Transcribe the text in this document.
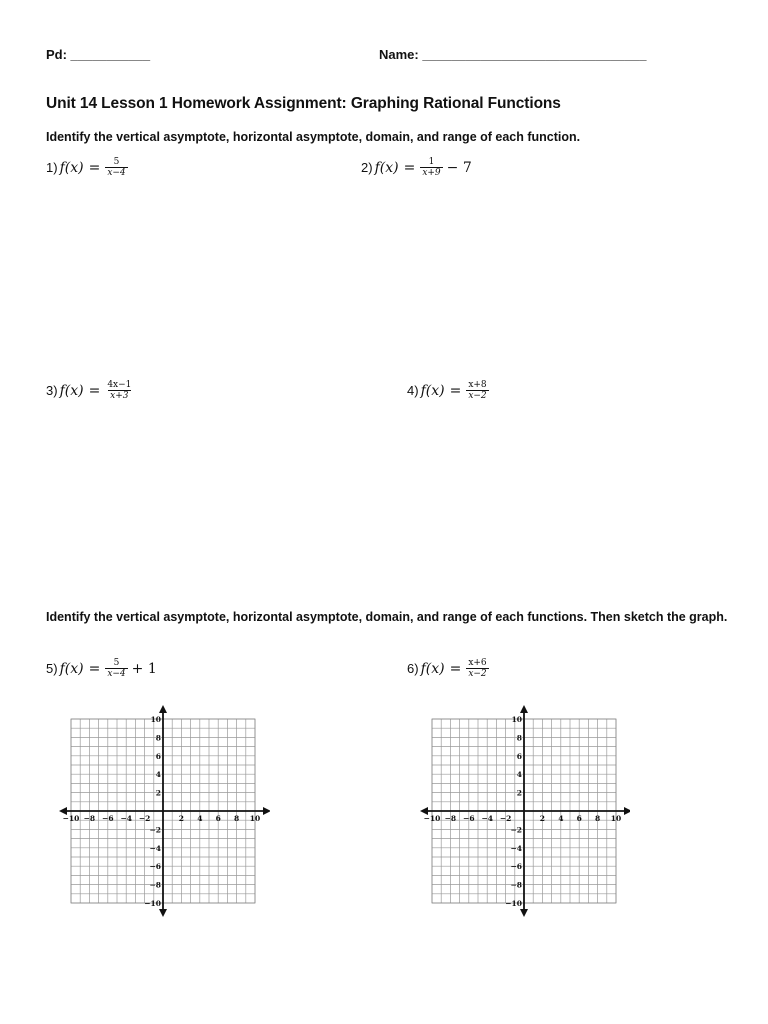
Pd: ___________	Name: _______________________________
Unit 14 Lesson 1 Homework Assignment: Graphing Rational Functions
Identify the vertical asymptote, horizontal asymptote, domain, and range of each function.
1) $f(x) = \frac{5}{x-4}$	2) $f(x) = \frac{1}{x+9} - 7$
3) $f(x) = \frac{4x-1}{x+3}$	4) $f(x) = \frac{x+8}{x-2}$
Identify the vertical asymptote, horizontal asymptote, domain, and range of each functions. Then sketch the graph.
5) $f(x) = \frac{5}{x-4} + 1$	6) $f(x) = \frac{x+6}{x-2}$
−10 −8 −6 −4 −2	2 4 6 8 10
10
8
6
4
2
−2
−4
−6
−8
−10
−10 −8 −6 −4 −2	2 4 6 8 10
10
8
6
4
2
−2
−4
−6
−8
−10
